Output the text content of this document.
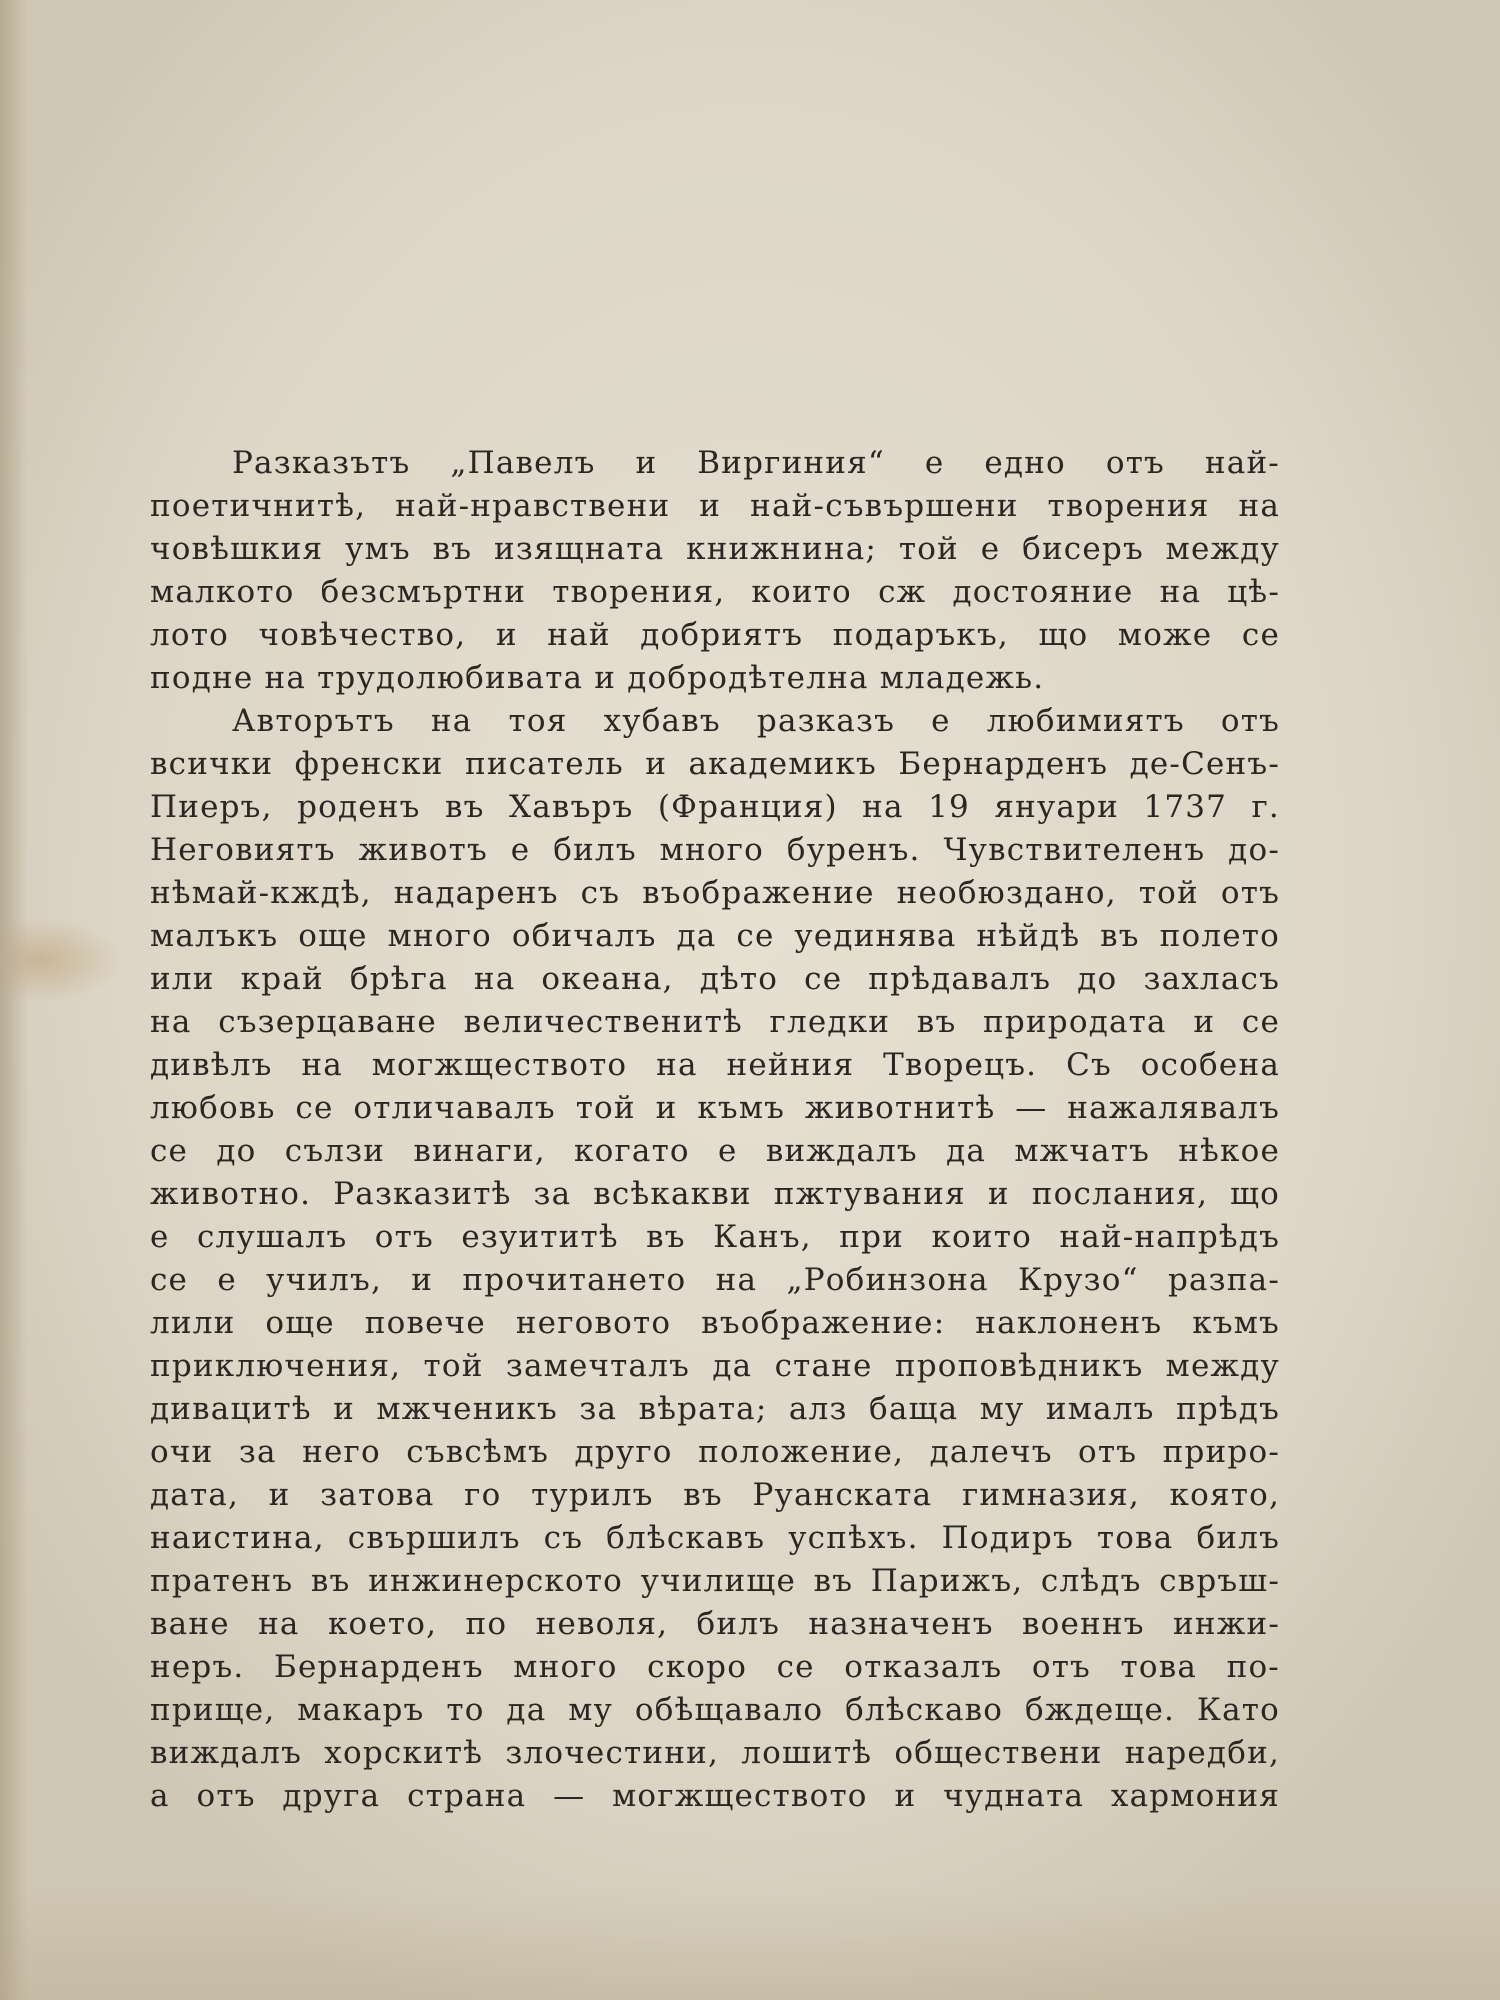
Разказътъ „Павелъ и Виргиния“ е едно отъ най-
поетичнитѣ, най-нравствени и най-съвършени творения на
човѣшкия умъ въ изящната книжнина; той е бисеръ между
малкото безсмъртни творения, които сж достояние на цѣ-
лото човѣчество, и най добриятъ подаръкъ, що може се
подне на трудолюбивата и добродѣтелна младежь.
Авторътъ на тоя хубавъ разказъ е любимиятъ отъ
всички френски писатель и академикъ Бернарденъ де-Сенъ-
Пиеръ, роденъ въ Хавъръ (Франция) на 19 януари 1737 г.
Неговиятъ животъ е билъ много буренъ. Чувствителенъ до-
нѣмай-кждѣ, надаренъ съ въображение необюздано, той отъ
малъкъ още много обичалъ да се уединява нѣйдѣ въ полето
или край брѣга на океана, дѣто се прѣдавалъ до захласъ
на съзерцаване величественитѣ гледки въ природата и се
дивѣлъ на могжществото на нейния Творецъ. Съ особена
любовь се отличавалъ той и къмъ животнитѣ — нажалявалъ
се до сълзи винаги, когато е виждалъ да мжчатъ нѣкое
животно. Разказитѣ за всѣкакви пжтувания и послания, що
е слушалъ отъ езуититѣ въ Канъ, при които най-напрѣдъ
се е училъ, и прочитането на „Робинзона Крузо“ разпа-
лили още повече неговото въображение: наклоненъ къмъ
приключения, той замечталъ да стане проповѣдникъ между
дивацитѣ и мжченикъ за вѣрата; алз баща му ималъ прѣдъ
очи за него съвсѣмъ друго положение, далечъ отъ приро-
дата, и затова го турилъ въ Руанската гимназия, която,
наистина, свършилъ съ блѣскавъ успѣхъ. Подиръ това билъ
пратенъ въ инжинерското училище въ Парижъ, слѣдъ свръш-
ване на което, по неволя, билъ назначенъ военнъ инжи-
неръ. Бернарденъ много скоро се отказалъ отъ това по-
прище, макаръ то да му обѣщавало блѣскаво бждеще. Като
виждалъ хорскитѣ злочестини, лошитѣ обществени наредби,
а отъ друга страна — могжществото и чудната хармония
